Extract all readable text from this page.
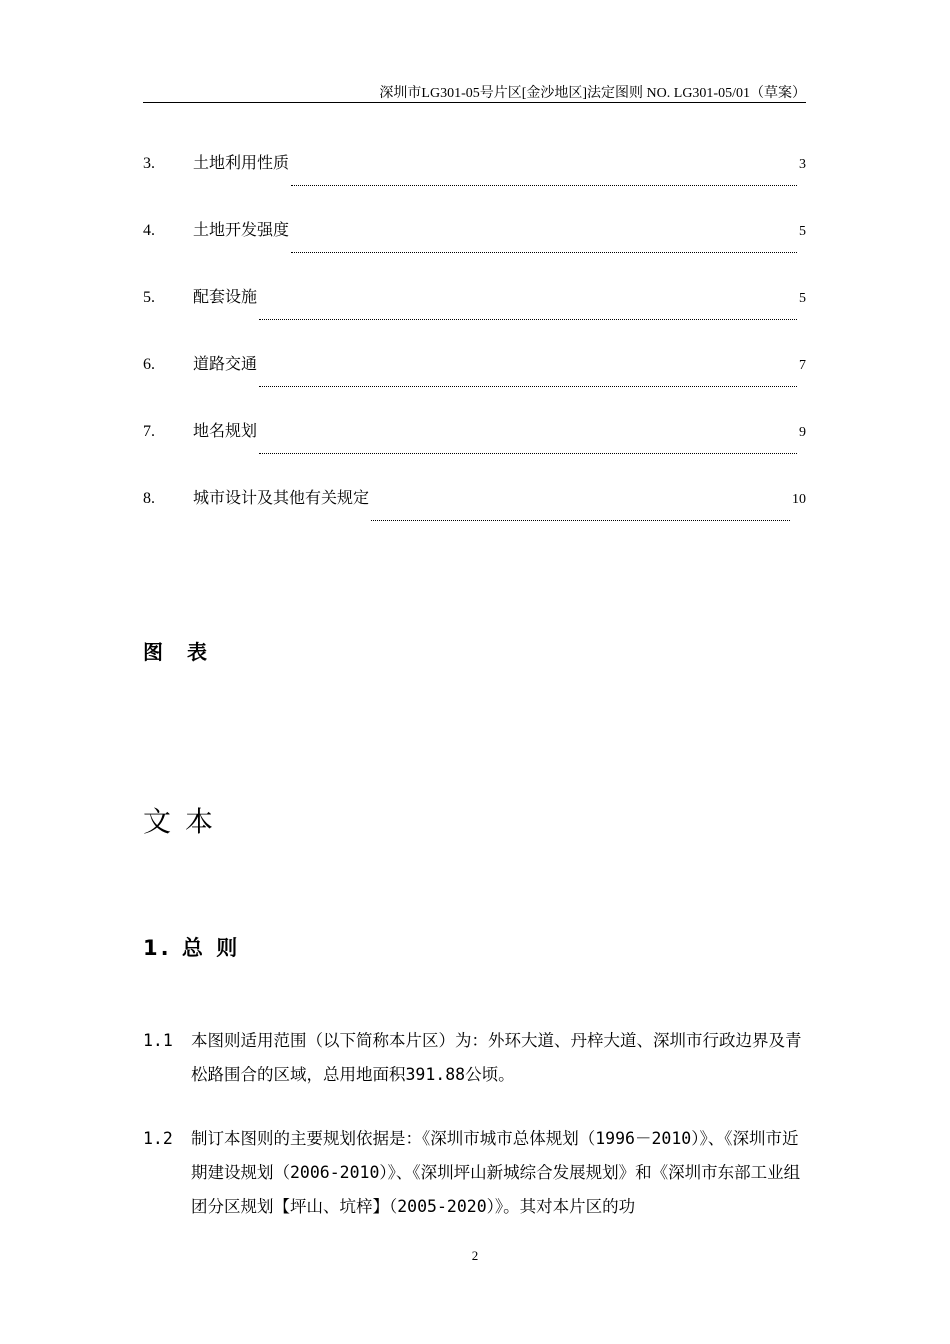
深圳市LG301-05号片区[金沙地区]法定图则 NO. LG301-05/01（草案）
3.	土地利用性质	3
4.	土地开发强度	5
5.	配套设施	5
6.	道路交通	7
7.	地名规划	9
8.	城市设计及其他有关规定	10
图表
文本
1. 总 则
1.1 本图则适用范围（以下简称本片区）为：外环大道、丹梓大道、深圳市行政边界及青松路围合的区域，总用地面积391.88公顷。
1.2 制订本图则的主要规划依据是：《深圳市城市总体规划（1996－2010）》、《深圳市近期建设规划（2006-2010）》、《深圳坪山新城综合发展规划》和《深圳市东部工业组团分区规划【坪山、坑梓】（2005-2020）》。其对本片区的功
2
